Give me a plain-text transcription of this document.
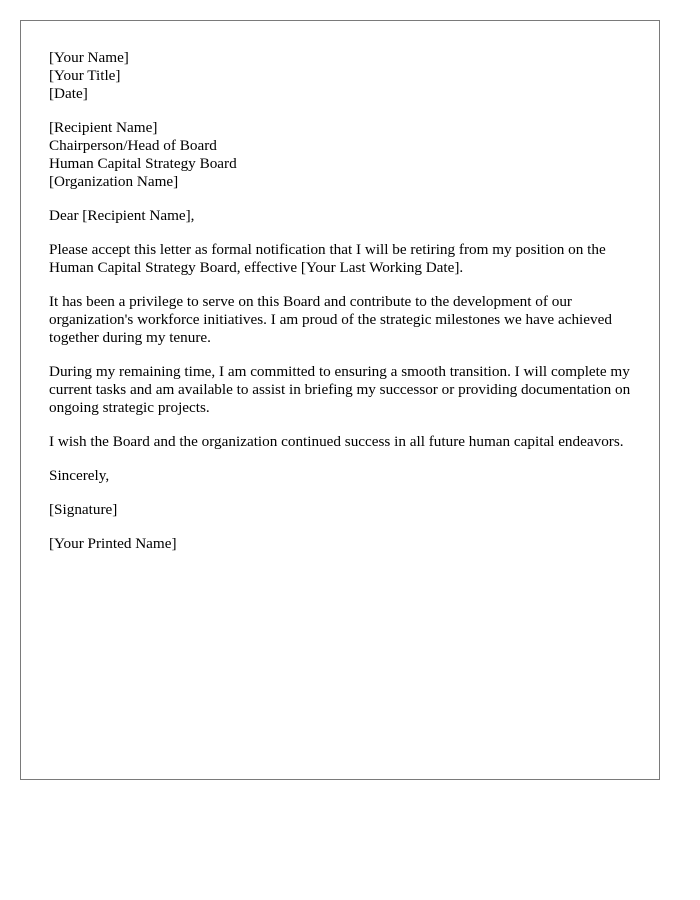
[Your Name]
[Your Title]
[Date]
[Recipient Name]
Chairperson/Head of Board
Human Capital Strategy Board
[Organization Name]

Dear [Recipient Name],

Please accept this letter as formal notification that I will be retiring from my position on the Human Capital Strategy Board, effective [Your Last Working Date].

It has been a privilege to serve on this Board and contribute to the development of our organization's workforce initiatives. I am proud of the strategic milestones we have achieved together during my tenure.

During my remaining time, I am committed to ensuring a smooth transition. I will complete my current tasks and am available to assist in briefing my successor or providing documentation on ongoing strategic projects.

I wish the Board and the organization continued success in all future human capital endeavors.

Sincerely,

[Signature]

[Your Printed Name]
